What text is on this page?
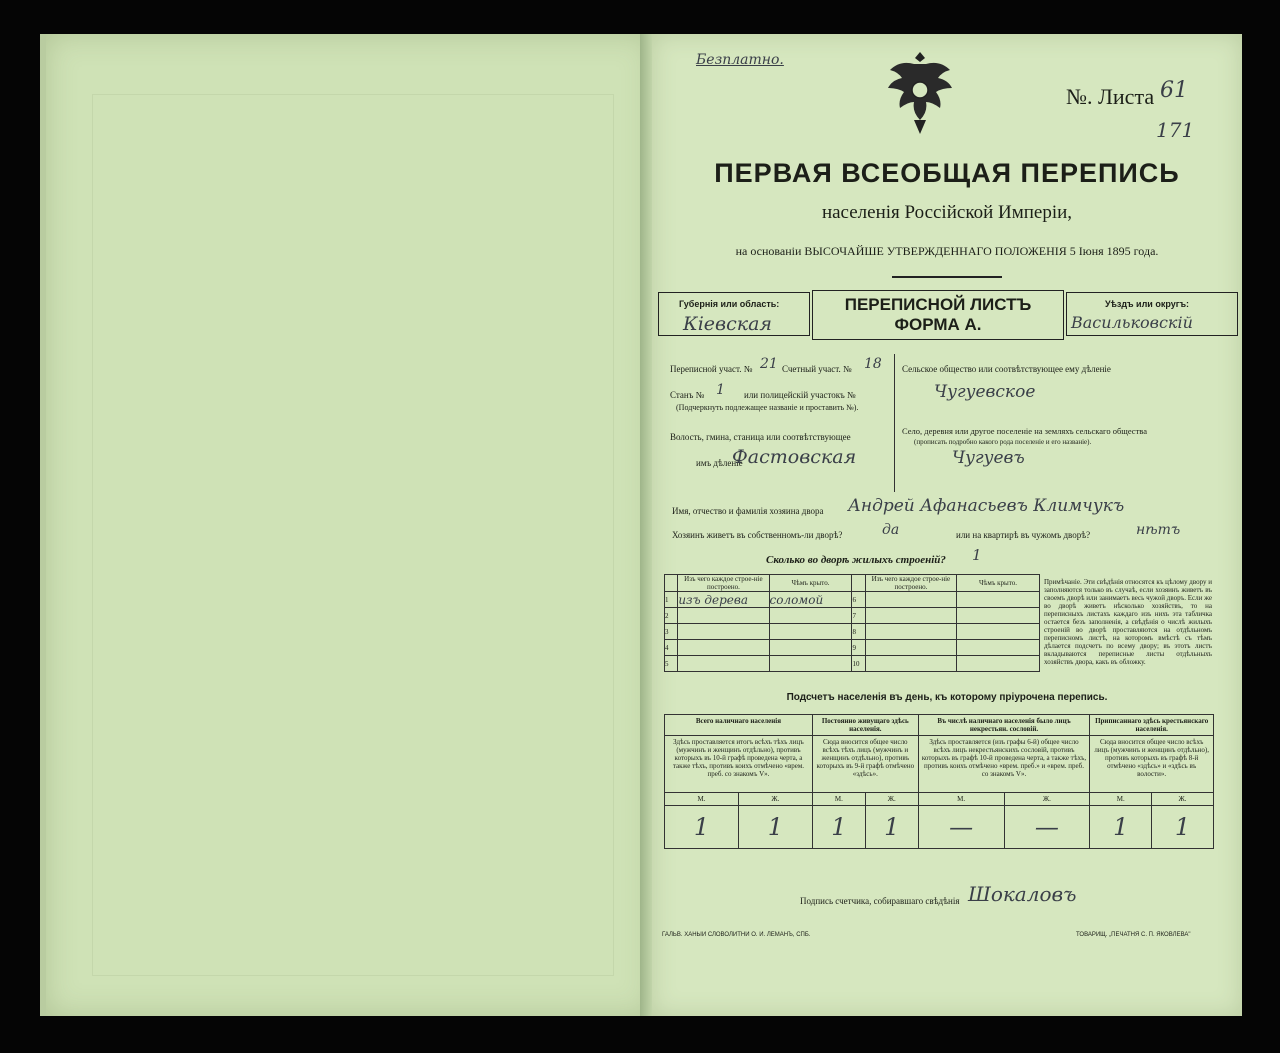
Безплатно.
№. Листа 61
171
ПЕРВАЯ ВСЕОБЩАЯ ПЕРЕПИСЬ
населенія Россійской Имперіи,
на основаніи ВЫСОЧАЙШЕ УТВЕРЖДЕННАГО ПОЛОЖЕНІЯ 5 Іюня 1895 года.
Губернія или область:
Кіевская
ПЕРЕПИСНОЙ ЛИСТЪ
ФОРМА А.
Уѣздъ или округъ:
Васильковскій
Переписной участ. № 21 Счетный участ. № 18
Станъ № 1 или полицейскій участокъ №
(Подчеркнуть подлежащее названіе и проставить №).
Волость, гмина, станица или соотвѣтствующее
имъ дѣленіе
Фастовская
Сельское общество или соотвѣтствующее ему дѣленіе
Чугуевское
Село, деревня или другое поселеніе на земляхъ сельскаго общества
(прописать подробно какого рода поселеніе и его названіе).
Чугуевъ
Имя, отчество и фамилія хозяина двора Андрей Афанасьевъ Климчукъ
Хозяинъ живетъ въ собственномъ-ли дворѣ?	да	или на квартирѣ въ чужомъ дворѣ?	нѣтъ
Сколько во дворѣ жилыхъ строеній? 1
	Изъ чего каждое строе-ніе построено.	Чѣмъ крыто.		Изъ чего каждое строе-ніе построено.	Чѣмъ крыто.
1	изъ дерева	соломой	6		
2			7		
3			8		
4			9		
5			10		
Примѣчаніе. Эти свѣдѣнія относятся къ цѣлому двору и заполняются только въ случаѣ, если хозяинъ живетъ въ своемъ дворѣ или занимаетъ весь чужой дворъ. Если же во дворѣ живетъ нѣсколько хозяйствъ, то на переписныхъ листахъ каждаго изъ нихъ эта табличка остается безъ заполненія, а свѣдѣнія о числѣ жилыхъ строеній во дворѣ проставляются на отдѣльномъ переписномъ листѣ, на которомъ вмѣстѣ съ тѣмъ дѣлается подсчетъ по всему двору; въ этотъ листъ вкладываются переписные листы отдѣльныхъ хозяйствъ двора, какъ въ обложку.
Подсчетъ населенія въ день, къ которому пріурочена перепись.
Всего наличнаго населенія		Постоянно живущаго здѣсь населенія.		Въ числѣ наличнаго населенія было лицъ некрестьян. сословій.		Приписаннаго здѣсь крестьянскаго населенія.	
Здѣсь проставляется итогъ всѣхъ тѣхъ лицъ (мужчинъ и женщинъ отдѣльно), противъ которыхъ въ 10-й графѣ проведена черта, а также тѣхъ, противъ коихъ отмѣчено «врем. преб. со знакомъ V».		Сюда вносится общее число всѣхъ тѣхъ лицъ (мужчинъ и женщинъ отдѣльно), противъ которыхъ въ 9-й графѣ отмѣчено «здѣсь».		Здѣсь проставляется (изъ графы 6-й) общее число всѣхъ лицъ некрестьянскихъ сословій, противъ которыхъ въ графѣ 10-й проведена черта, а также тѣхъ, противъ коихъ отмѣчено «врем. преб.» и «врем. преб. со знакомъ V».		Сюда вносится общее число всѣхъ лицъ (мужчинъ и женщинъ отдѣльно), противъ которыхъ въ графѣ 8-й отмѣчено «здѣсь» и «здѣсь въ волости».	
М.	Ж.	М.	Ж.	М.	Ж.	М.	Ж.
1	1	1	1	—	—	1	1
Подпись счетчика, собиравшаго свѣдѣнія Шокаловъ
ГАЛЬВ. ХАНЫИ СЛОВОЛИТНИ О. И. ЛЕМАНЪ, СПБ.	ТОВАРИЩ. „ПЕЧАТНЯ С. П. ЯКОВЛЕВА"
